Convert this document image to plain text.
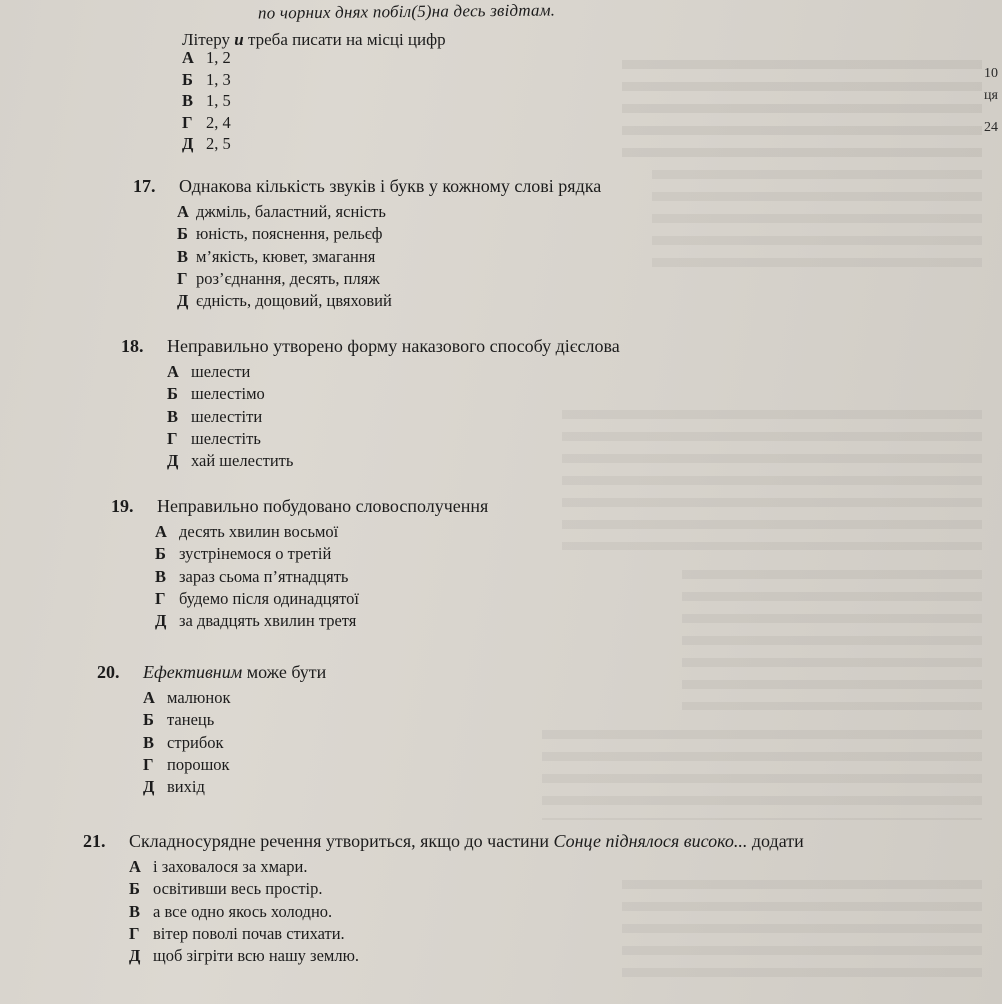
по чорних днях побіл(5)на десь звідтам.
Літеру и треба писати на місці цифр
А 1, 2
Б 1, 3
В 1, 5
Г 2, 4
Д 2, 5
10
ця
24
17.	Однакова кількість звуків і букв у кожному слові рядка
А джміль, баластний, ясність
Б юність, пояснення, рельєф
В м’якість, кювет, змагання
Г роз’єднання, десять, пляж
Д єдність, дощовий, цвяховий
18.	Неправильно утворено форму наказового способу дієслова
А шелести
Б шелестімо
В шелестіти
Г шелестіть
Д хай шелестить
19.	Неправильно побудовано словосполучення
А десять хвилин восьмої
Б зустрінемося о третій
В зараз сьома п’ятнадцять
Г будемо після одинадцятої
Д за двадцять хвилин третя
20.	Ефективним може бути
А малюнок
Б танець
В стрибок
Г порошок
Д вихід
21.	Складносурядне речення утвориться, якщо до частини Сонце піднялося високо... додати
А і заховалося за хмари.
Б освітивши весь простір.
В а все одно якось холодно.
Г вітер поволі почав стихати.
Д щоб зігріти всю нашу землю.
